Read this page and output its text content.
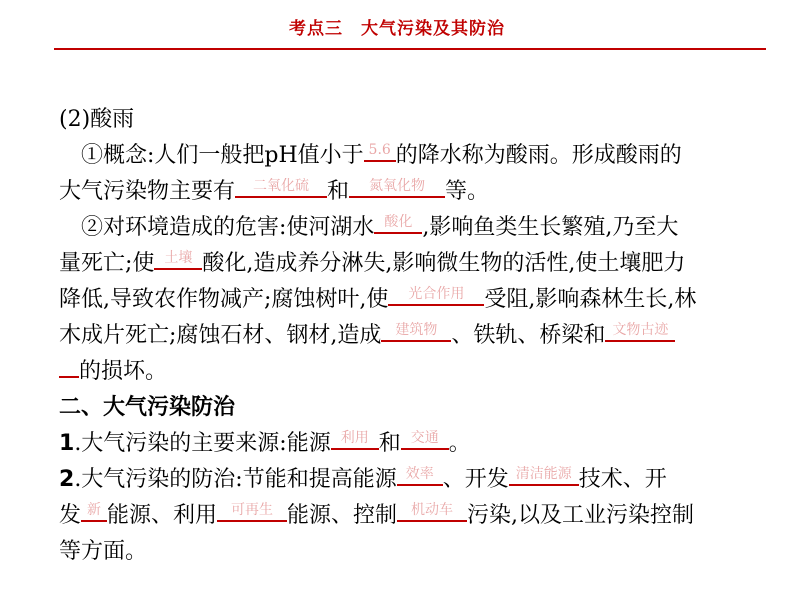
考点三　大气污染及其防治
(2)酸雨
①概念:人们一般把pH值小于 5.6 的降水称为酸雨。形成酸雨的
大气污染物主要有 二氧化硫 和 氮氧化物 等。
②对环境造成的危害:使河湖水 酸化 ,影响鱼类生长繁殖,乃至大
量死亡;使 土壤 酸化,造成养分淋失,影响微生物的活性,使土壤肥力
降低,导致农作物减产;腐蚀树叶,使 光合作用 受阻,影响森林生长,林
木成片死亡;腐蚀石材、钢材,造成 建筑物 、铁轨、桥梁和 文物古迹
的损坏。
二、大气污染防治
1.大气污染的主要来源:能源 利用 和 交通 。
2.大气污染的防治:节能和提高能源 效率 、开发 清洁能源 技术、开
发 新 能源、利用 可再生 能源、控制 机动车 污染,以及工业污染控制
等方面。
